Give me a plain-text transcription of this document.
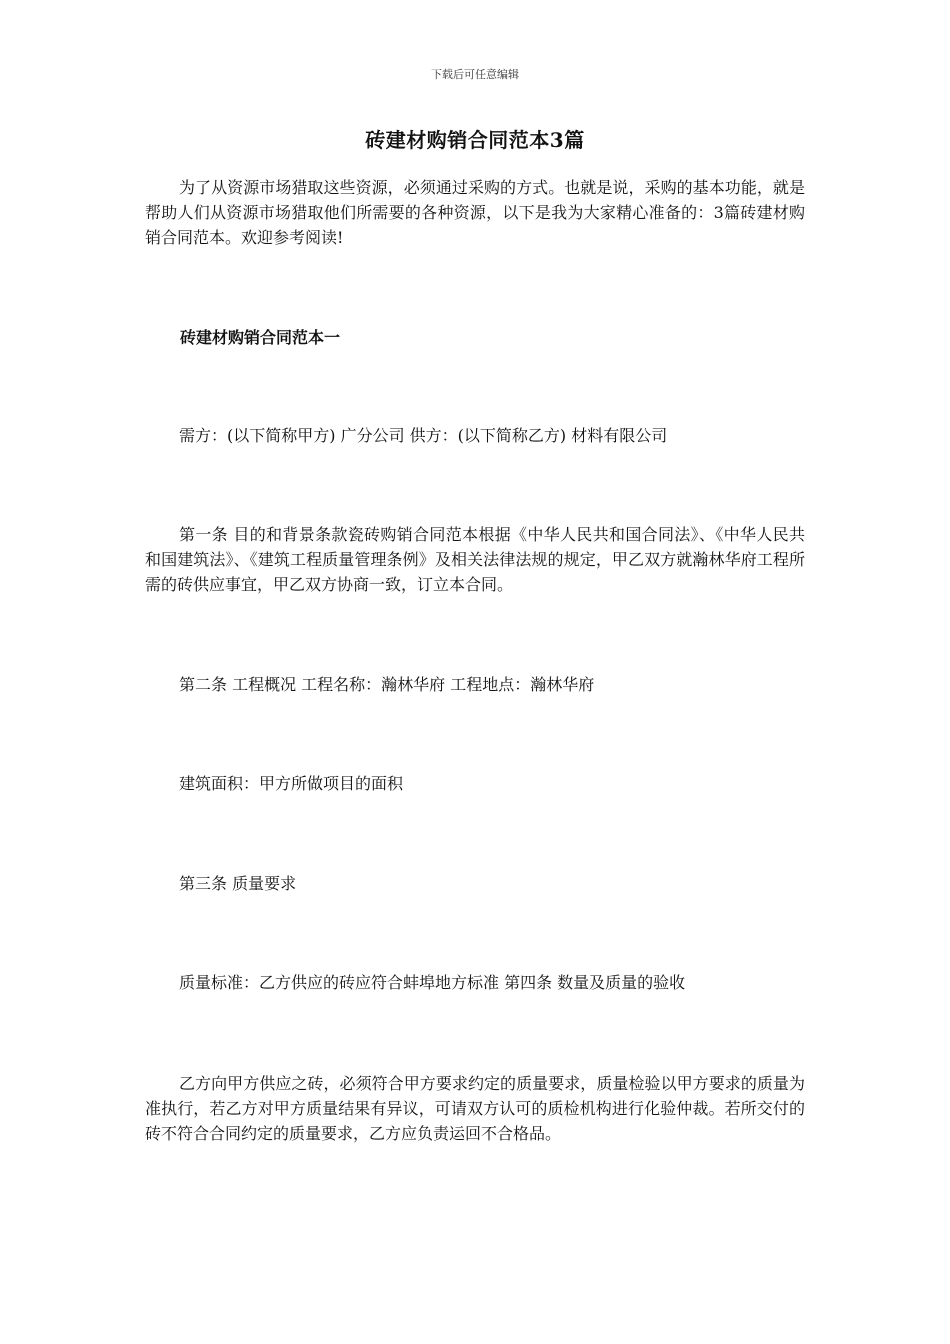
下载后可任意编辑
砖建材购销合同范本3篇

为了从资源市场猎取这些资源，必须通过采购的方式。也就是说，采购的基本功能，就是帮助人们从资源市场猎取他们所需要的各种资源，以下是我为大家精心准备的：3篇砖建材购销合同范本。欢迎参考阅读!

砖建材购销合同范本一

需方：(以下简称甲方) 广分公司 供方：(以下简称乙方) 材料有限公司

第一条 目的和背景条款瓷砖购销合同范本根据《中华人民共和国合同法》、《中华人民共和国建筑法》、《建筑工程质量管理条例》及相关法律法规的规定，甲乙双方就瀚林华府工程所需的砖供应事宜，甲乙双方协商一致，订立本合同。

第二条 工程概况 工程名称：瀚林华府 工程地点：瀚林华府

建筑面积：甲方所做项目的面积

第三条 质量要求

质量标准：乙方供应的砖应符合蚌埠地方标准 第四条 数量及质量的验收

乙方向甲方供应之砖，必须符合甲方要求约定的质量要求，质量检验以甲方要求的质量为准执行，若乙方对甲方质量结果有异议，可请双方认可的质检机构进行化验仲裁。若所交付的砖不符合合同约定的质量要求，乙方应负责运回不合格品。
